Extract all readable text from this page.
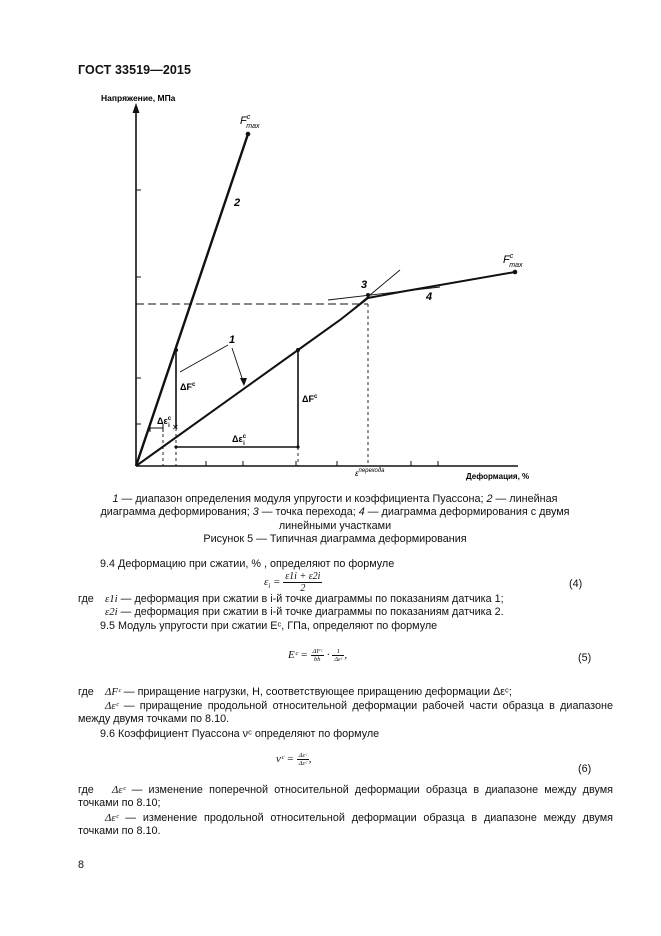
ГОСТ 33519—2015
Напряжение, МПа
Деформация, %
$F^c$ max
2
$F^c$ max
4
3
$\varepsilon^{перехода}$
$\Delta F^c$
$\Delta\varepsilon^c$ i ✕
$\Delta F^c$
$\Delta\varepsilon^c$ i
1
1 — диапазон определения модуля упругости и коэффициента Пуассона; 2 — линейная диаграмма деформирования; 3 — точка перехода; 4 — диаграмма деформирования с двумя линейными участками
Рисунок 5 — Типичная диаграмма деформирования
9.4 Деформацию при сжатии, % , определяют по формуле
$\varepsilon_i = \frac{\varepsilon 1i + \varepsilon 2i}{2}$	(4)
где ε1i — деформация при сжатии в i-й точке диаграммы по показаниям датчика 1;
ε2i — деформация при сжатии в i-й точке диаграммы по показаниям датчика 2.
9.5 Модуль упругости при сжатии Eᶜ, ГПа, определяют по формуле
Eᶜ = $\frac{\text{ΔFᶜ}}{bh} \cdot \frac{1}{\text{Δεᶜ}}$ ,	(5)
где ΔFᶜ — приращение нагрузки, Н, соответствующее приращению деформации Δεᶜ;
Δεᶜ — приращение продольной относительной деформации рабочей части образца в диапазоне между двумя точками по 8.10.
9.6 Коэффициент Пуассона νᶜ определяют по формуле
νᶜ = $\frac{\text{Δεᶜ}}{\text{Δεᶜ}}$ ,
(6)
где	Δεᶜ — изменение поперечной относительной деформации образца в диапазоне между двумя точками по 8.10;
Δεᶜ — изменение продольной относительной деформации образца в диапазоне между двумя точками по 8.10.
8
